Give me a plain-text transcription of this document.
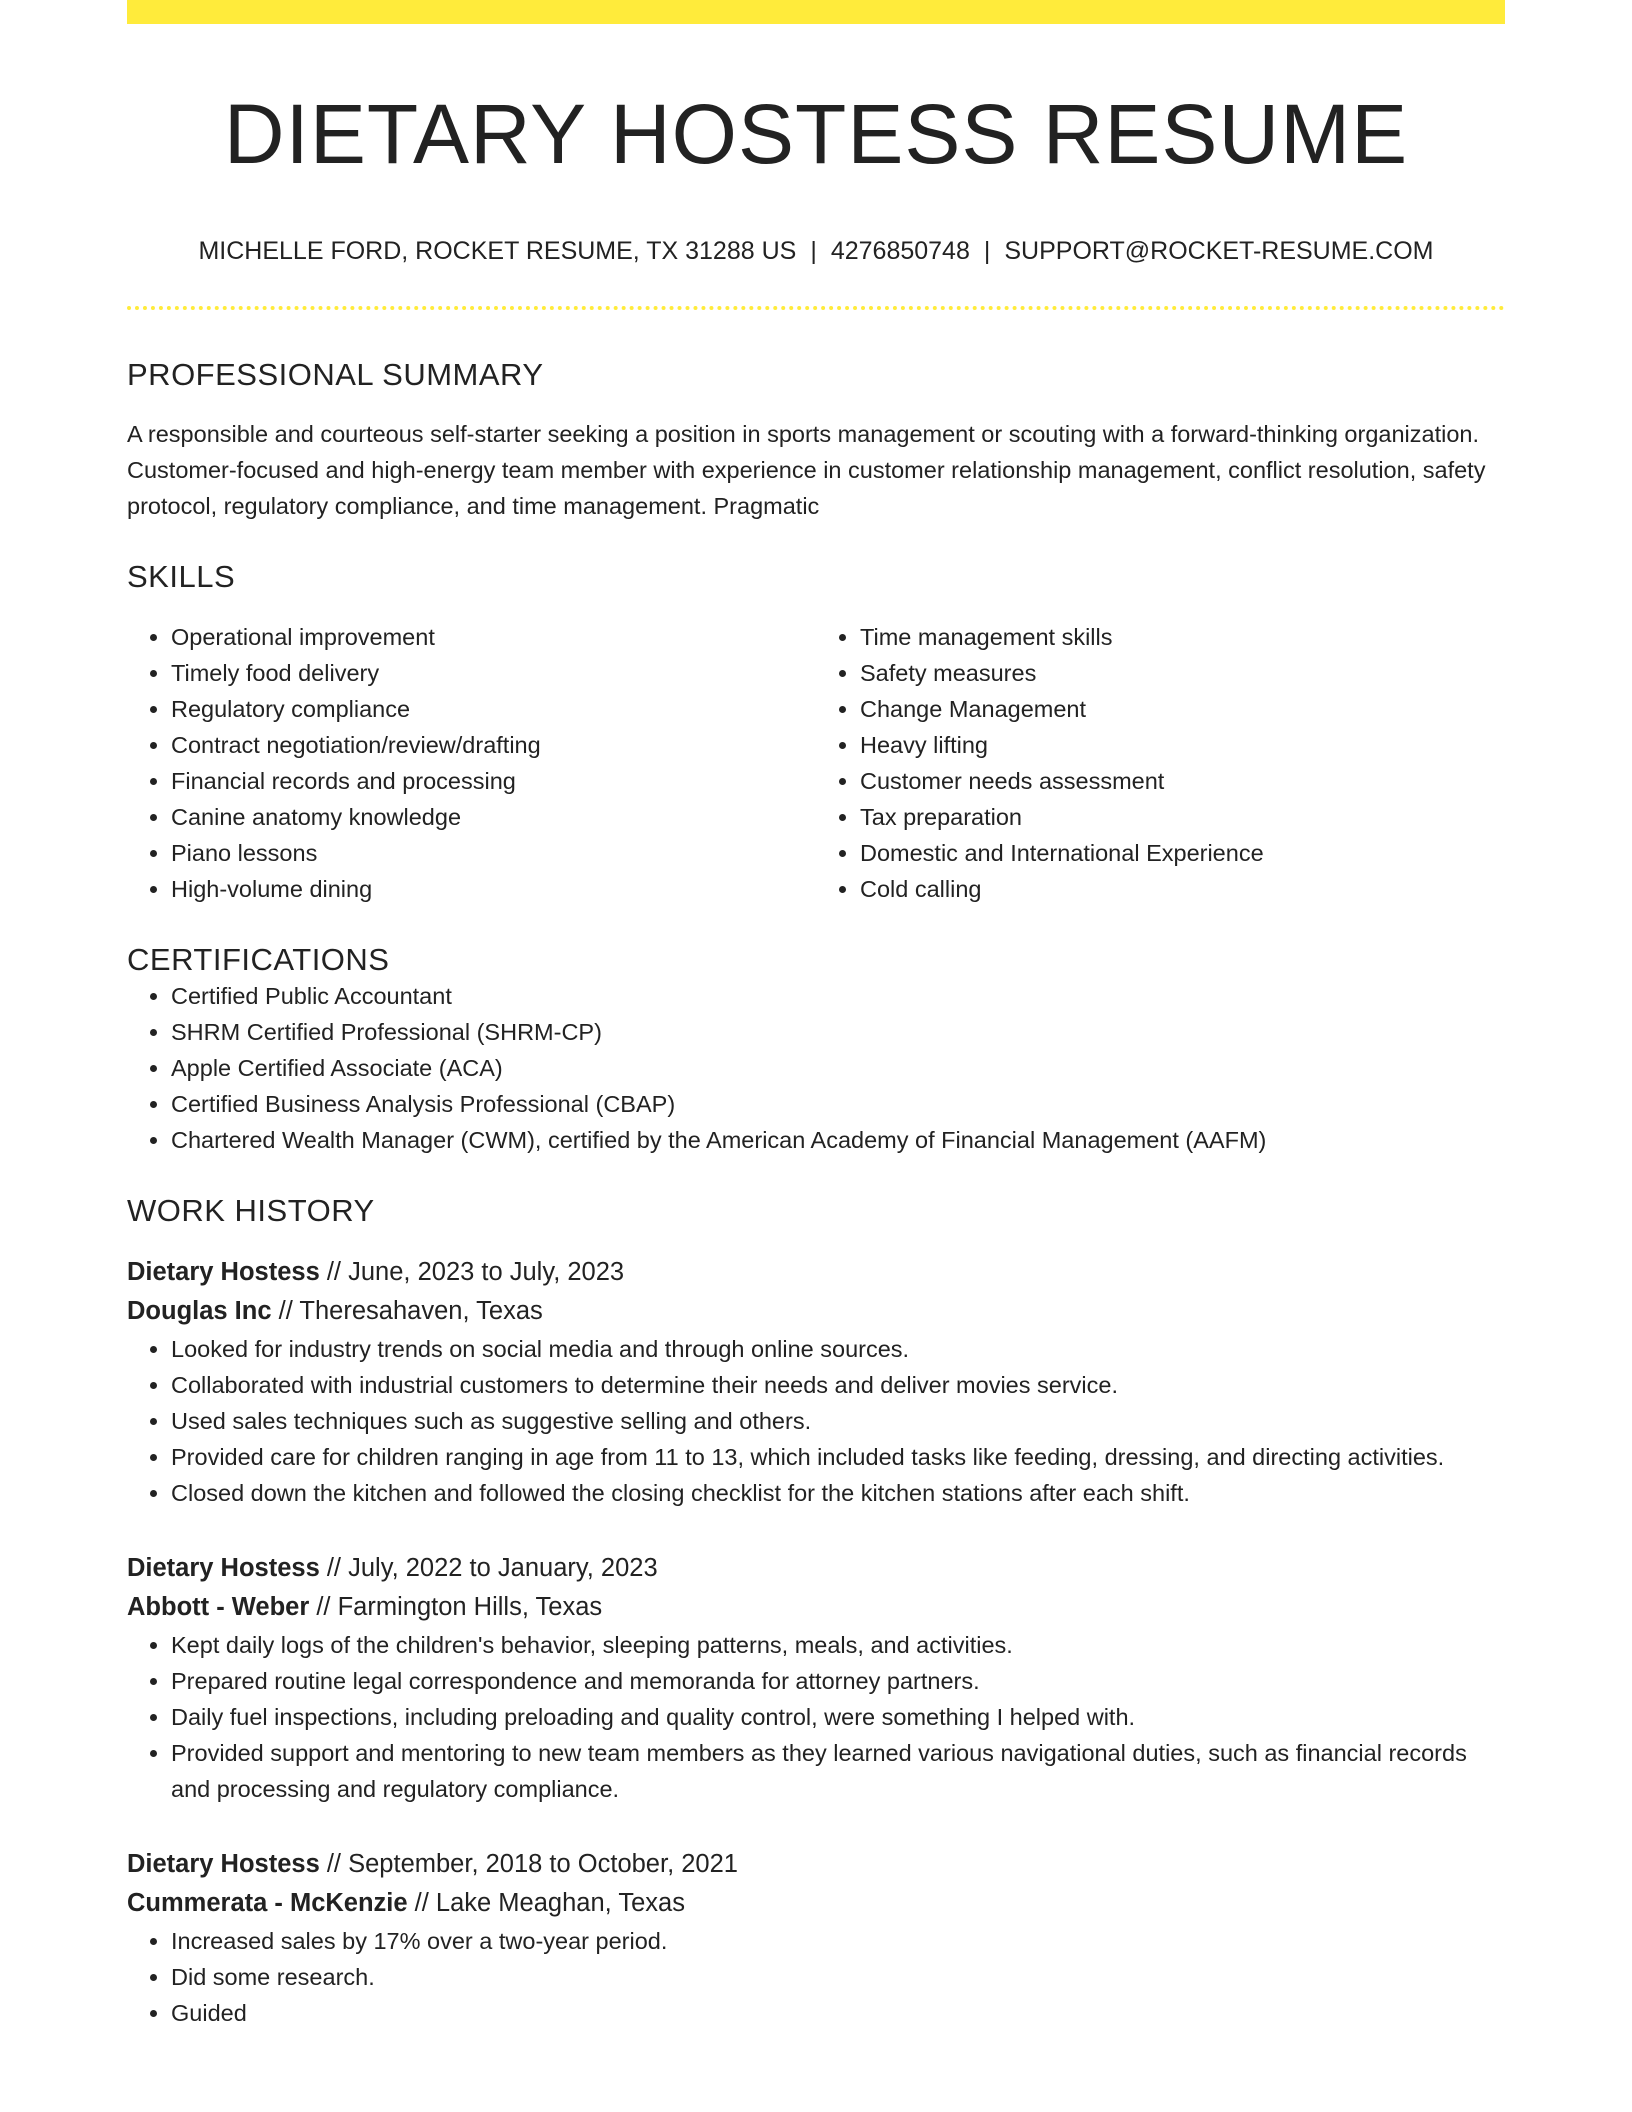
DIETARY HOSTESS RESUME
MICHELLE FORD, ROCKET RESUME, TX 31288 US | 4276850748 | SUPPORT@ROCKET-RESUME.COM
PROFESSIONAL SUMMARY
A responsible and courteous self-starter seeking a position in sports management or scouting with a forward-thinking organization. Customer-focused and high-energy team member with experience in customer relationship management, conflict resolution, safety protocol, regulatory compliance, and time management. Pragmatic
SKILLS
• Operational improvement
• Timely food delivery
• Regulatory compliance
• Contract negotiation/review/drafting
• Financial records and processing
• Canine anatomy knowledge
• Piano lessons
• High-volume dining
• Time management skills
• Safety measures
• Change Management
• Heavy lifting
• Customer needs assessment
• Tax preparation
• Domestic and International Experience
• Cold calling
CERTIFICATIONS
• Certified Public Accountant
• SHRM Certified Professional (SHRM-CP)
• Apple Certified Associate (ACA)
• Certified Business Analysis Professional (CBAP)
• Chartered Wealth Manager (CWM), certified by the American Academy of Financial Management (AAFM)
WORK HISTORY
Dietary Hostess // June, 2023 to July, 2023
Douglas Inc // Theresahaven, Texas
• Looked for industry trends on social media and through online sources.
• Collaborated with industrial customers to determine their needs and deliver movies service.
• Used sales techniques such as suggestive selling and others.
• Provided care for children ranging in age from 11 to 13, which included tasks like feeding, dressing, and directing activities.
• Closed down the kitchen and followed the closing checklist for the kitchen stations after each shift.
Dietary Hostess // July, 2022 to January, 2023
Abbott - Weber // Farmington Hills, Texas
• Kept daily logs of the children's behavior, sleeping patterns, meals, and activities.
• Prepared routine legal correspondence and memoranda for attorney partners.
• Daily fuel inspections, including preloading and quality control, were something I helped with.
• Provided support and mentoring to new team members as they learned various navigational duties, such as financial records and processing and regulatory compliance.
Dietary Hostess // September, 2018 to October, 2021
Cummerata - McKenzie // Lake Meaghan, Texas
• Increased sales by 17% over a two-year period.
• Did some research.
• Guided
